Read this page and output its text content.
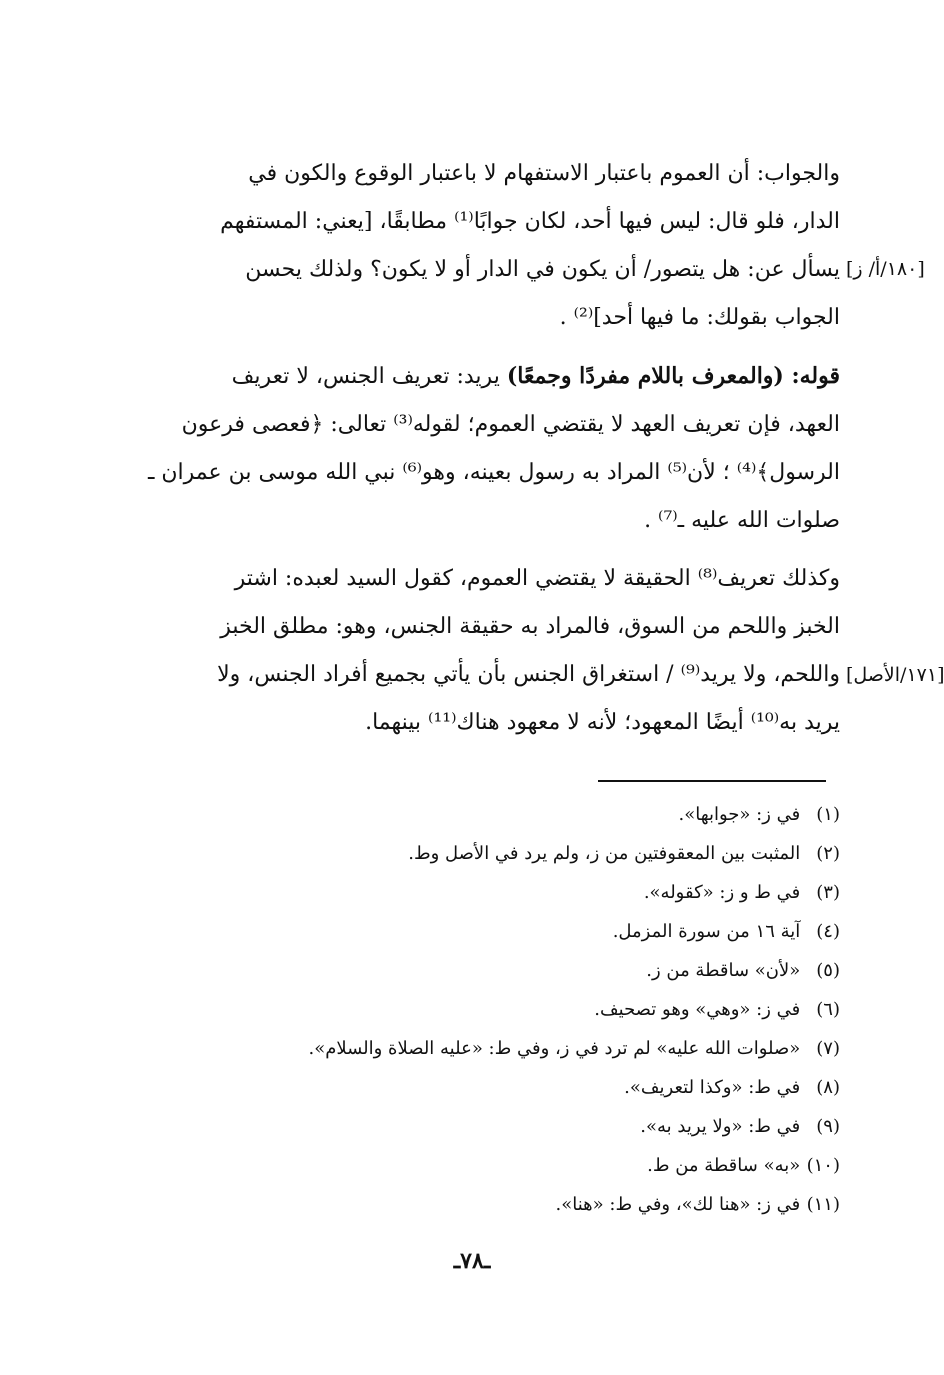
والجواب: أن العموم باعتبار الاستفهام لا باعتبار الوقوع والكون في

الدار، فلو قال: ليس فيها أحد، لكان جوابًا⁽¹⁾ مطابقًا، [يعني: المستفهم

يسأل عن: هل يتصور/ أن يكون في الدار أو لا يكون؟ ولذلك يحسن

الجواب بقولك: ما فيها أحد]⁽²⁾ .

[١٨٠/أ/ ز]

قوله: (والمعرف باللام مفردًا وجمعًا) يريد: تعريف الجنس، لا تعريف

العهد، فإن تعريف العهد لا يقتضي العموم؛ لقوله⁽³⁾ تعالى: ﴿فعصى فرعون

الرسول﴾⁽⁴⁾ ؛ لأن⁽⁵⁾ المراد به رسول بعينه، وهو⁽⁶⁾ نبي الله موسى بن عمران ـ

صلوات الله عليه ـ⁽⁷⁾ .

وكذلك تعريف⁽⁸⁾ الحقيقة لا يقتضي العموم، كقول السيد لعبده: اشتر

الخبز واللحم من السوق، فالمراد به حقيقة الجنس، وهو: مطلق الخبز

واللحم، ولا يريد⁽⁹⁾ / استغراق الجنس بأن يأتي بجميع أفراد الجنس، ولا

يريد به⁽¹⁰⁾ أيضًا المعهود؛ لأنه لا معهود هناك⁽¹¹⁾ بينهما.

[١٧١/الأصل]
(١) في ز: «جوابها».
(٢) المثبت بين المعقوفتين من ز، ولم يرد في الأصل وط.
(٣) في ط و ز: «كقوله».
(٤) آية ١٦ من سورة المزمل.
(٥) «لأن» ساقطة من ز.
(٦) في ز: «وهي» وهو تصحيف.
(٧) «صلوات الله عليه» لم ترد في ز، وفي ط: «عليه الصلاة والسلام».
(٨) في ط: «وكذا لتعريف».
(٩) في ط: «ولا يريد به».
(١٠) «به» ساقطة من ط.
(١١) في ز: «هنا لك»، وفي ط: «هنا».
ـ٧٨ـ
